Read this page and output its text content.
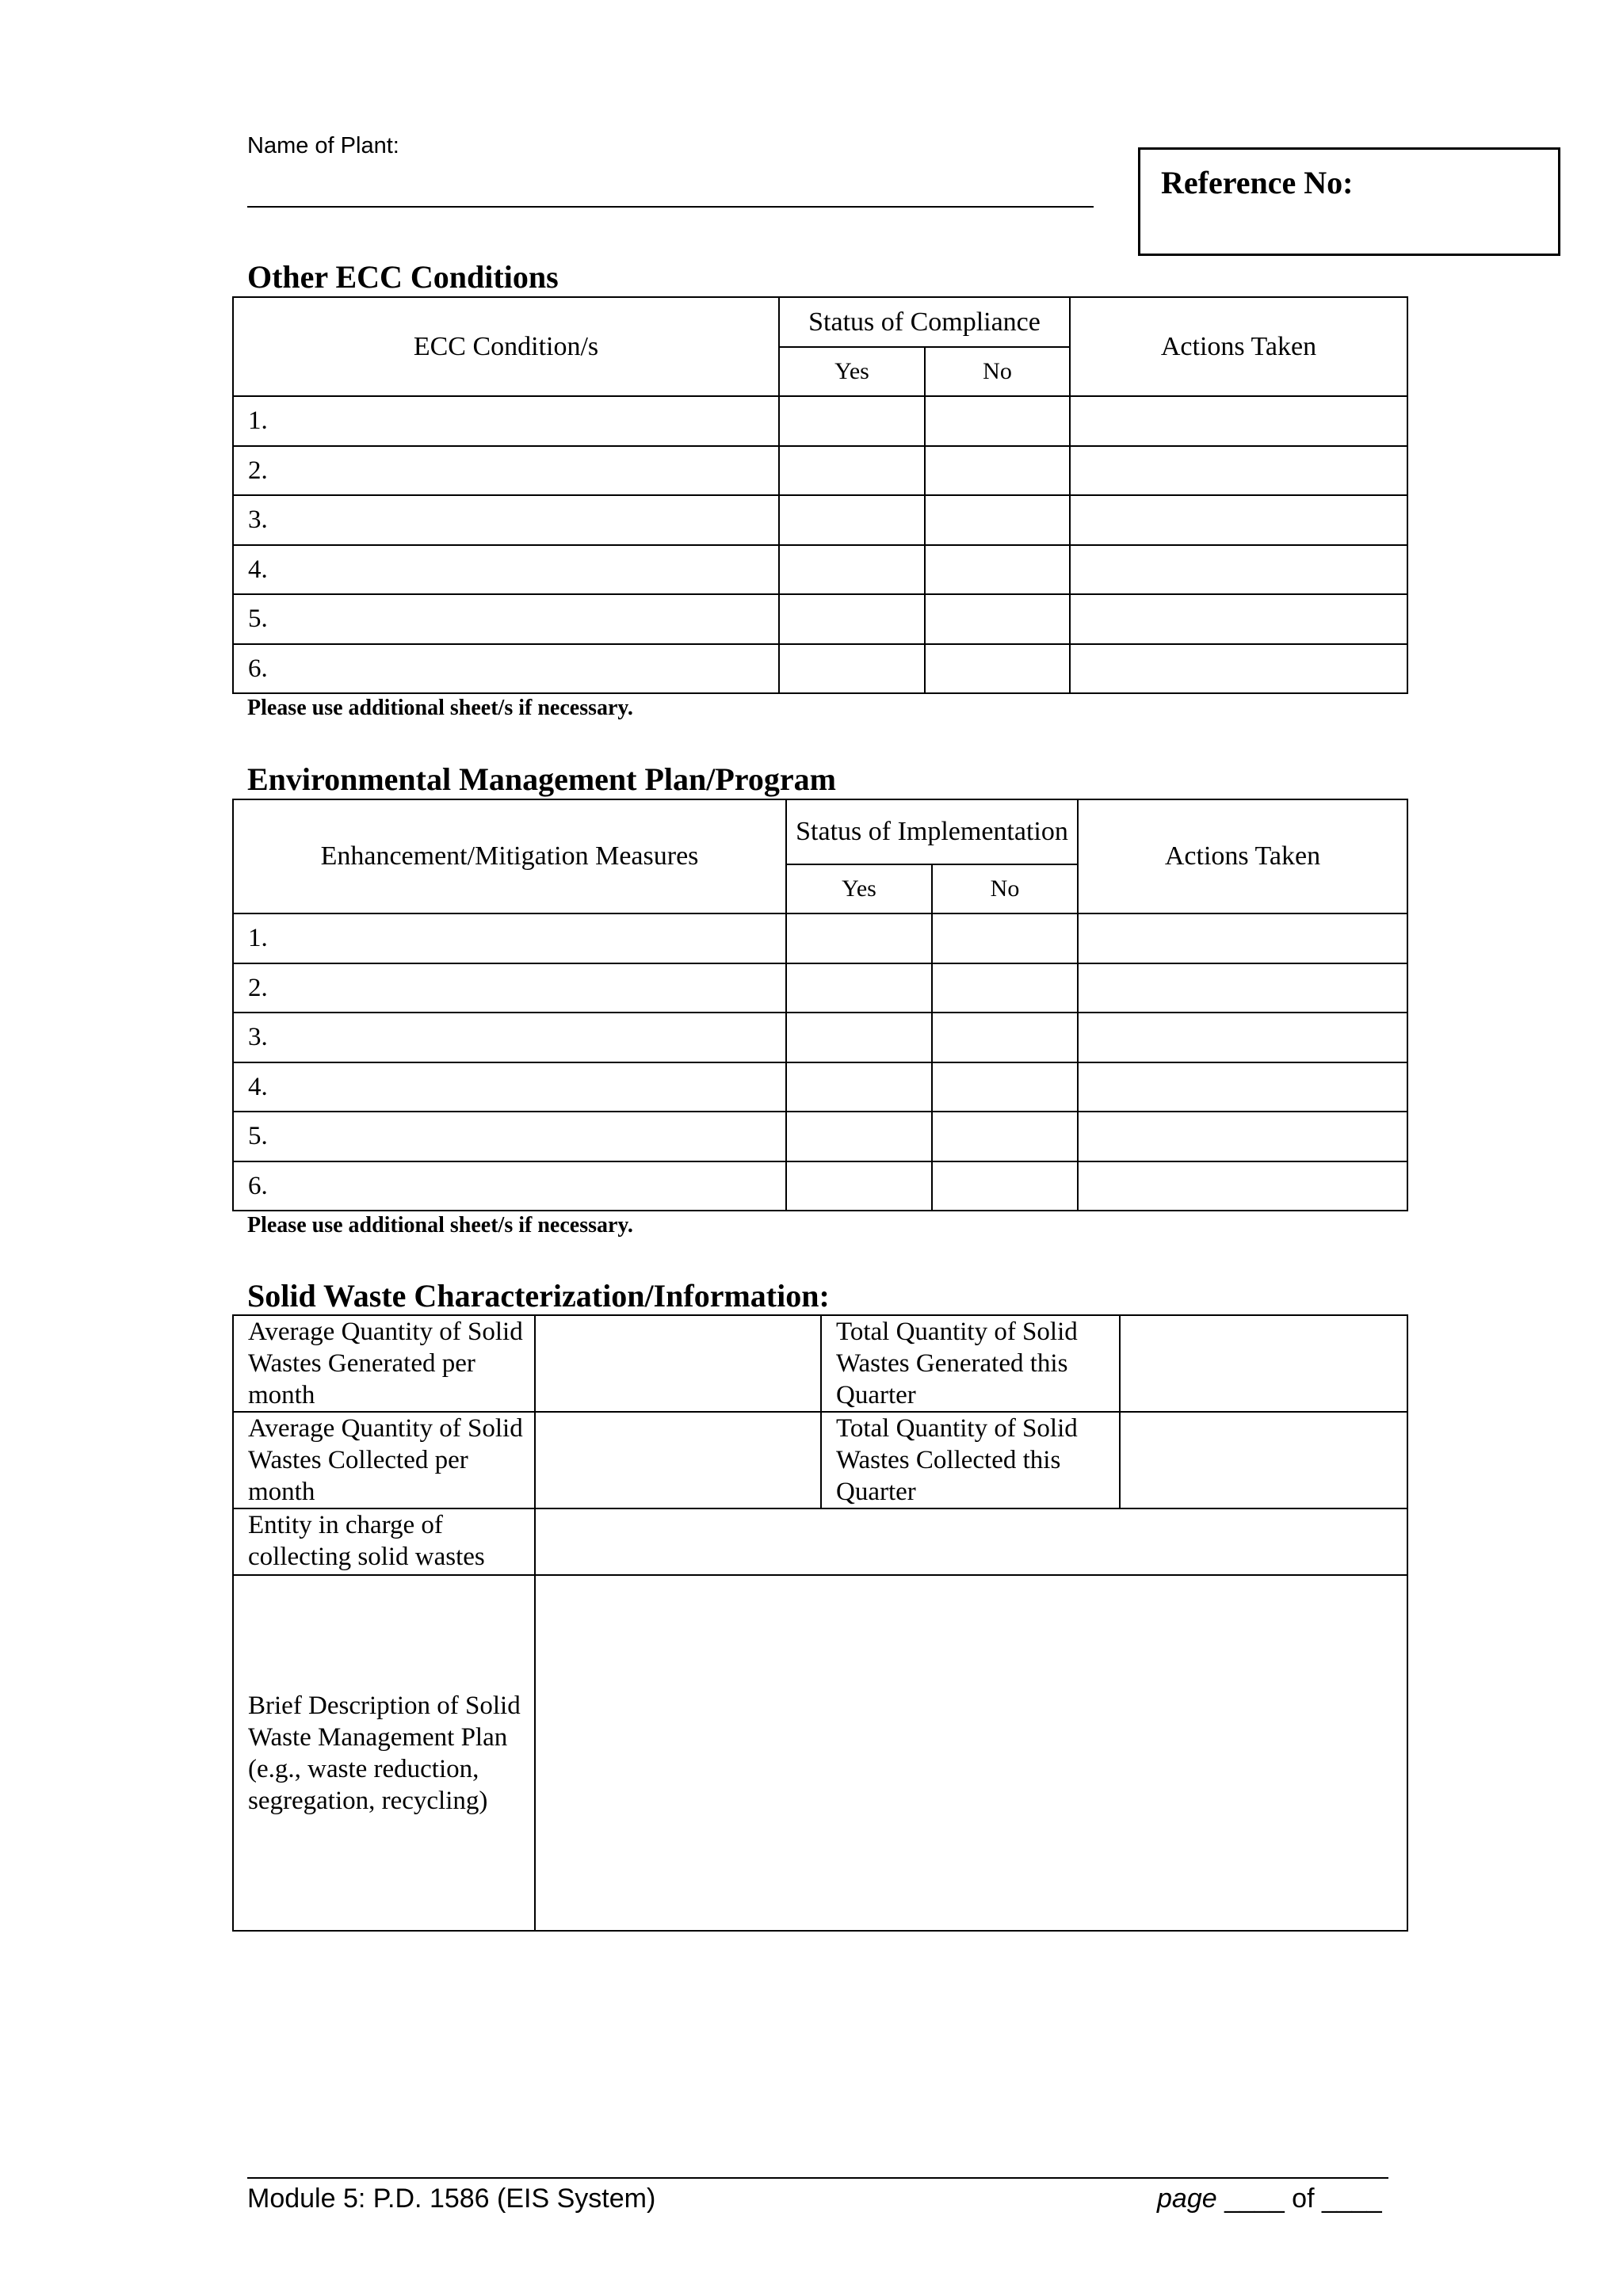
Name of Plant:
Reference No:
Other ECC Conditions
ECC Condition/s	Status of Compliance		Actions Taken
	Yes	No	
1.			
2.			
3.			
4.			
5.			
6.			
Please use additional sheet/s if necessary.
Environmental Management Plan/Program
Enhancement/Mitigation Measures	Status of Implementation		Actions Taken
	Yes	No	
1.			
2.			
3.			
4.			
5.			
6.			
Please use additional sheet/s if necessary.
Solid Waste Characterization/Information:
Average Quantity of Solid Wastes Generated per month		Total Quantity of Solid Wastes Generated this Quarter	
Average Quantity of Solid Wastes Collected per month		Total Quantity of Solid Wastes Collected this Quarter	
Entity in charge of collecting solid wastes			
Brief Description of Solid Waste Management Plan (e.g., waste reduction, segregation, recycling)			
Module 5: P.D. 1586 (EIS System)	page ____ of ____
